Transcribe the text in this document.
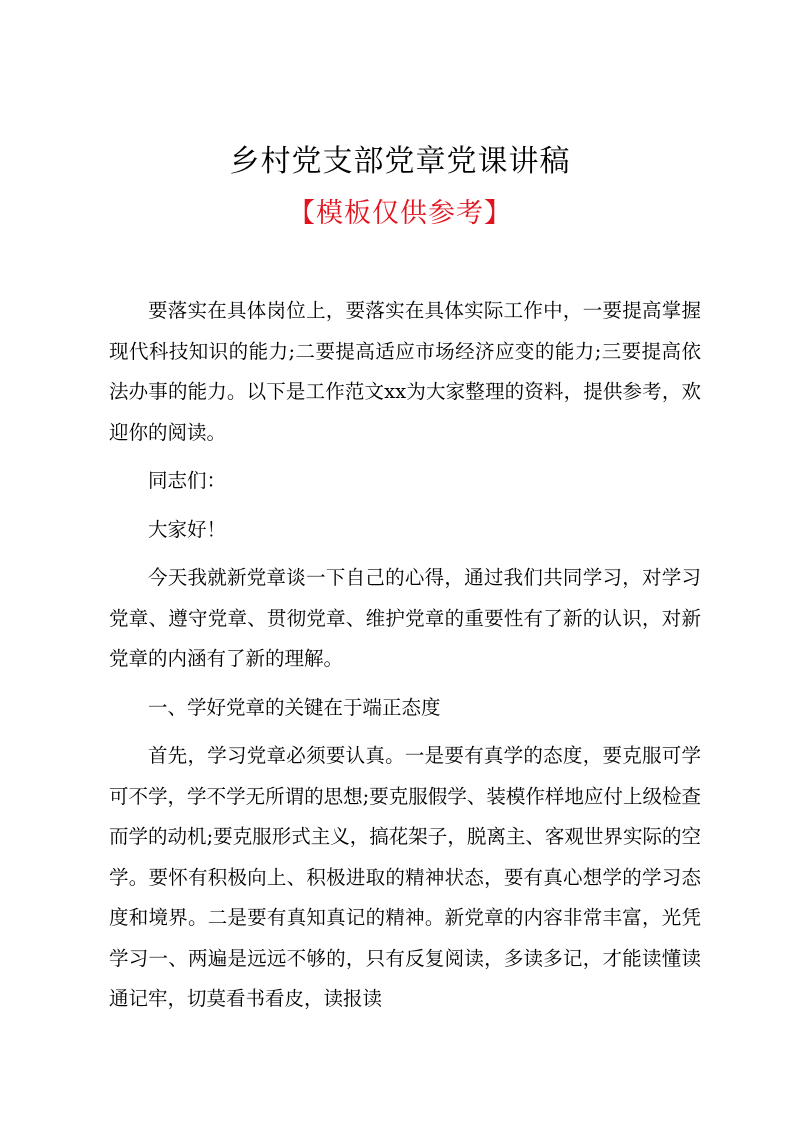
乡村党支部党章党课讲稿
【模板仅供参考】

要落实在具体岗位上，要落实在具体实际工作中，一要提高掌握现代科技知识的能力;二要提高适应市场经济应变的能力;三要提高依法办事的能力。以下是工作范文xx为大家整理的资料，提供参考，欢迎你的阅读。

同志们：

大家好！

今天我就新党章谈一下自己的心得，通过我们共同学习，对学习党章、遵守党章、贯彻党章、维护党章的重要性有了新的认识，对新党章的内涵有了新的理解。

一、学好党章的关键在于端正态度

首先，学习党章必须要认真。一是要有真学的态度，要克服可学可不学，学不学无所谓的思想;要克服假学、装模作样地应付上级检查而学的动机;要克服形式主义，搞花架子，脱离主、客观世界实际的空学。要怀有积极向上、积极进取的精神状态，要有真心想学的学习态度和境界。二是要有真知真记的精神。新党章的内容非常丰富，光凭学习一、两遍是远远不够的，只有反复阅读，多读多记，才能读懂读通记牢，切莫看书看皮，读报读
